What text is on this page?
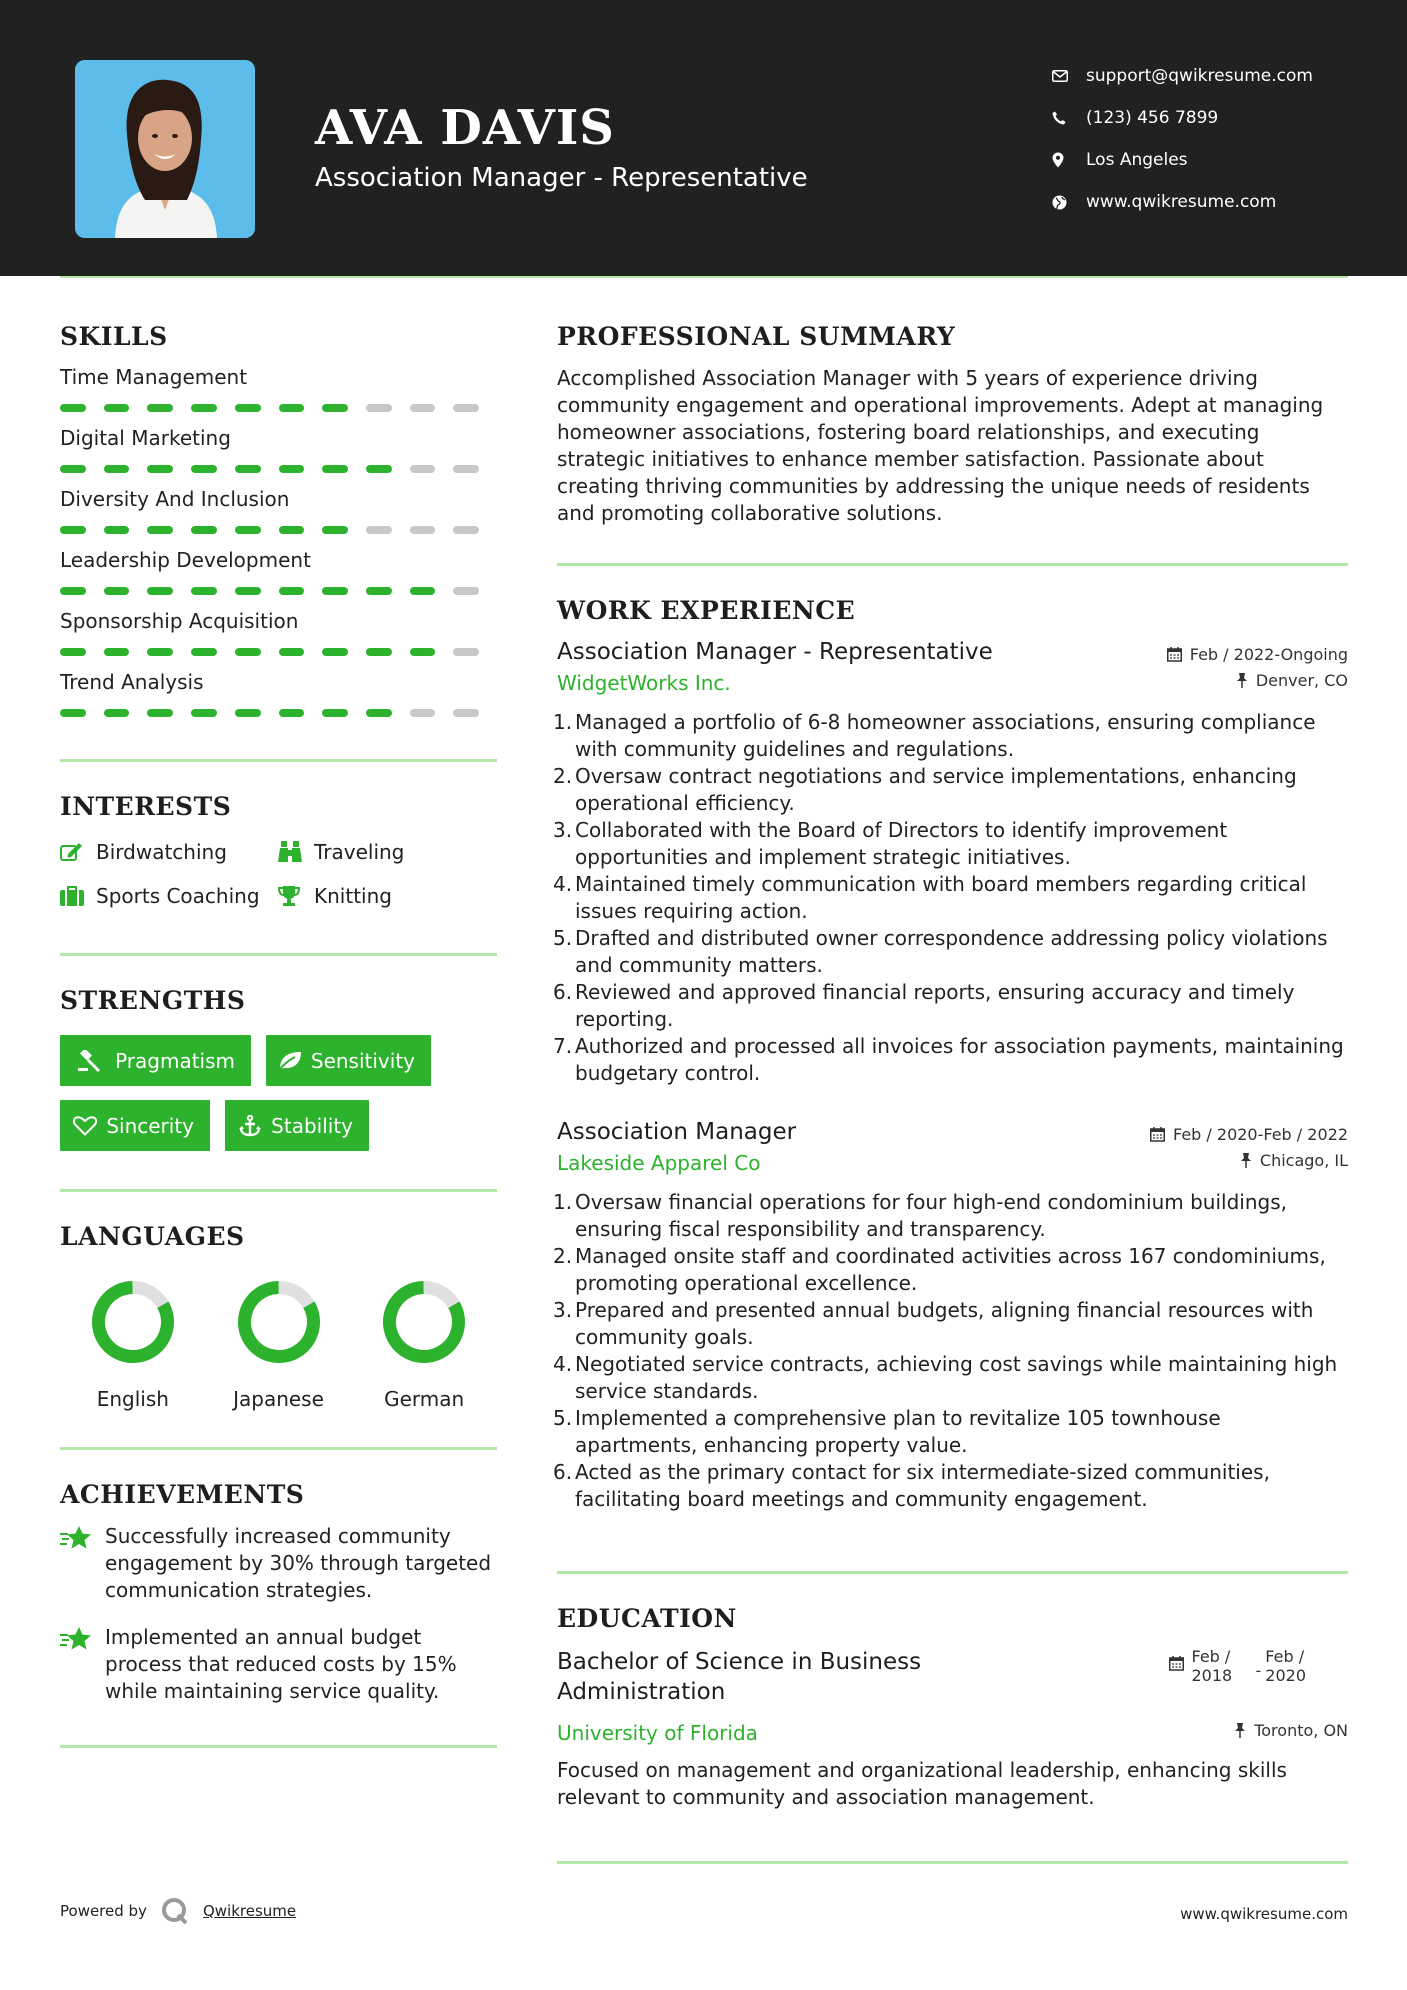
AVA DAVIS
Association Manager - Representative
support@qwikresume.com
(123) 456 7899
Los Angeles
www.qwikresume.com
SKILLS
Time Management
Digital Marketing
Diversity And Inclusion
Leadership Development
Sponsorship Acquisition
Trend Analysis
INTERESTS
Birdwatching	Traveling
Sports Coaching	Knitting
STRENGTHS
Pragmatism	Sensitivity
Sincerity	Stability
LANGUAGES
English	Japanese	German
ACHIEVEMENTS
Successfully increased community engagement by 30% through targeted communication strategies.
Implemented an annual budget process that reduced costs by 15% while maintaining service quality.
PROFESSIONAL SUMMARY
Accomplished Association Manager with 5 years of experience driving community engagement and operational improvements. Adept at managing homeowner associations, fostering board relationships, and executing strategic initiatives to enhance member satisfaction. Passionate about creating thriving communities by addressing the unique needs of residents and promoting collaborative solutions.
WORK EXPERIENCE
Association Manager - Representative	Feb / 2022-Ongoing
WidgetWorks Inc.	Denver, CO
1. Managed a portfolio of 6-8 homeowner associations, ensuring compliance with community guidelines and regulations.
2. Oversaw contract negotiations and service implementations, enhancing operational efficiency.
3. Collaborated with the Board of Directors to identify improvement opportunities and implement strategic initiatives.
4. Maintained timely communication with board members regarding critical issues requiring action.
5. Drafted and distributed owner correspondence addressing policy violations and community matters.
6. Reviewed and approved financial reports, ensuring accuracy and timely reporting.
7. Authorized and processed all invoices for association payments, maintaining budgetary control.
Association Manager	Feb / 2020-Feb / 2022
Lakeside Apparel Co	Chicago, IL
1. Oversaw financial operations for four high-end condominium buildings, ensuring fiscal responsibility and transparency.
2. Managed onsite staff and coordinated activities across 167 condominiums, promoting operational excellence.
3. Prepared and presented annual budgets, aligning financial resources with community goals.
4. Negotiated service contracts, achieving cost savings while maintaining high service standards.
5. Implemented a comprehensive plan to revitalize 105 townhouse apartments, enhancing property value.
6. Acted as the primary contact for six intermediate-sized communities, facilitating board meetings and community engagement.
EDUCATION
Bachelor of Science in Business
Administration
Feb /
2018	-
Feb /
2020
University of Florida	Toronto, ON
Focused on management and organizational leadership, enhancing skills relevant to community and association management.
Powered by	Qwikresume	www.qwikresume.com
